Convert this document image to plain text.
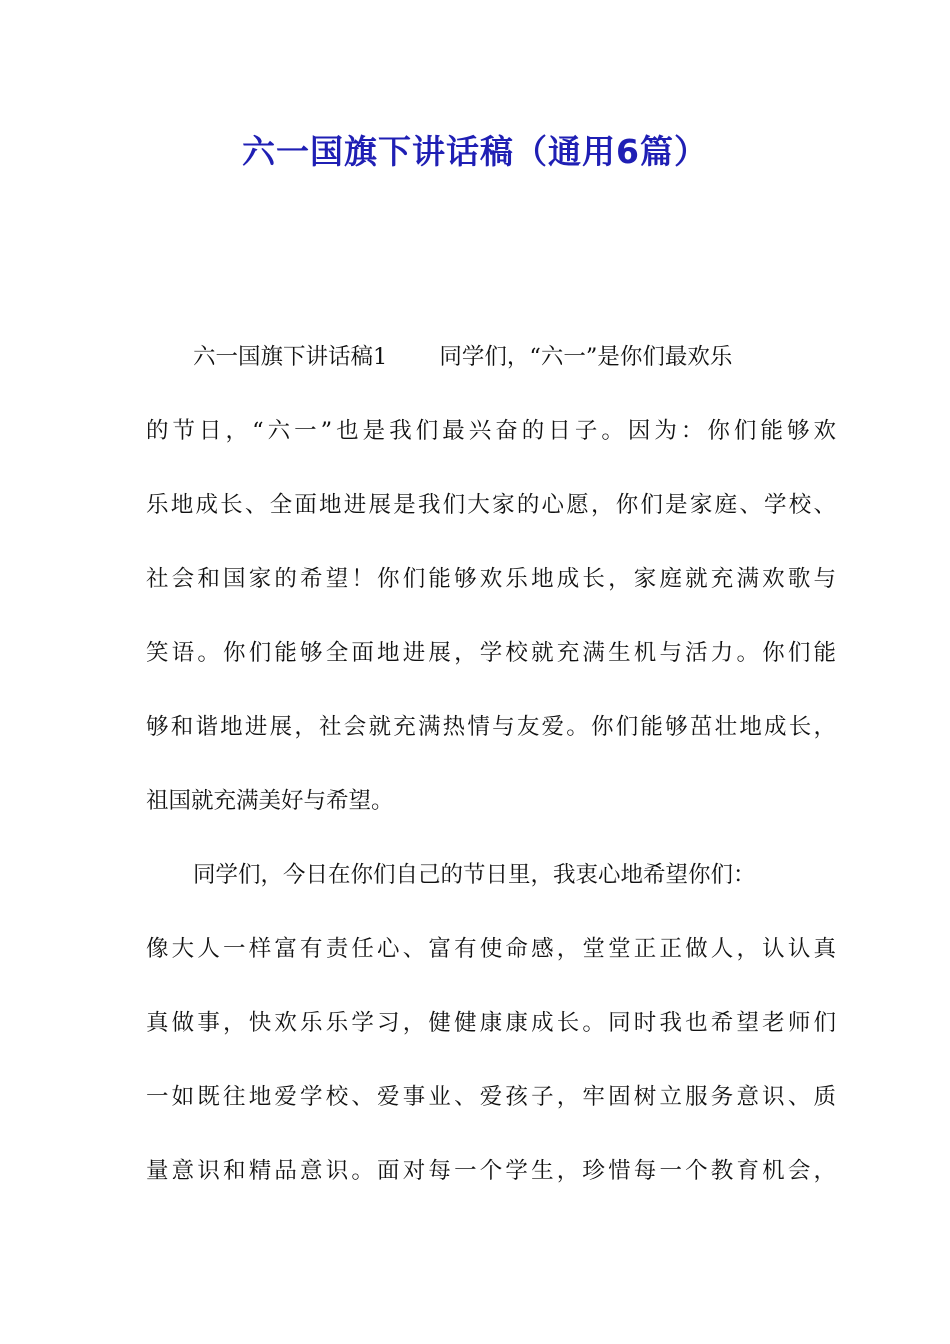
六一国旗下讲话稿（通用6篇）
六一国旗下讲话稿1 同学们，“六一”是你们最欢乐
的节日，“六一”也是我们最兴奋的日子。因为：你们能够欢
乐地成长、全面地进展是我们大家的心愿，你们是家庭、学校、
社会和国家的希望！你们能够欢乐地成长，家庭就充满欢歌与
笑语。你们能够全面地进展，学校就充满生机与活力。你们能
够和谐地进展，社会就充满热情与友爱。你们能够茁壮地成长，
祖国就充满美好与希望。
同学们，今日在你们自己的节日里，我衷心地希望你们：
像大人一样富有责任心、富有使命感，堂堂正正做人，认认真
真做事，快欢乐乐学习，健健康康成长。同时我也希望老师们
一如既往地爱学校、爱事业、爱孩子，牢固树立服务意识、质
量意识和精品意识。面对每一个学生，珍惜每一个教育机会，
